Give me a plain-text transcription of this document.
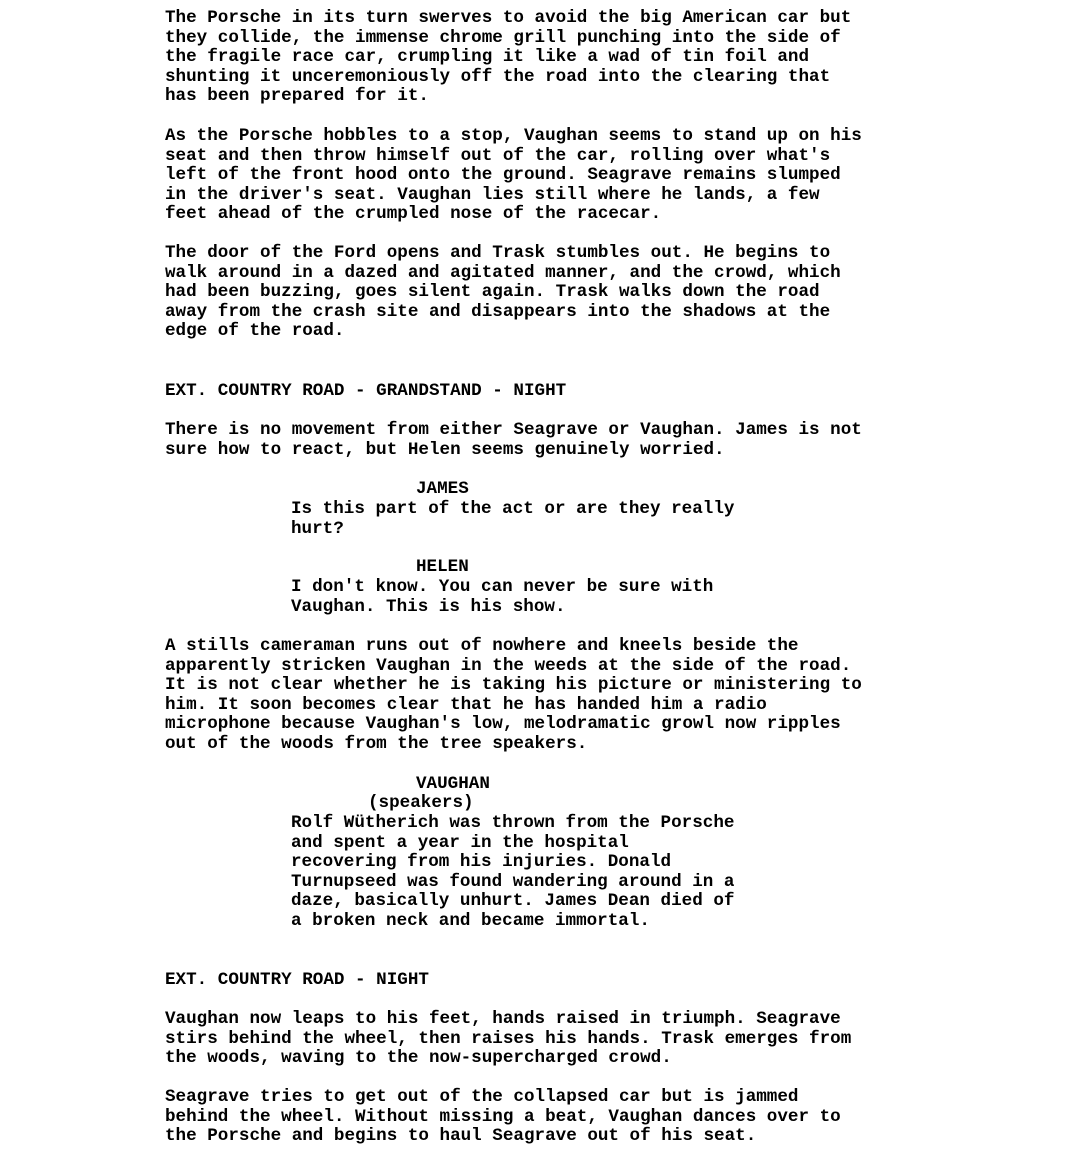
The Porsche in its turn swerves to avoid the big American car but
they collide, the immense chrome grill punching into the side of
the fragile race car, crumpling it like a wad of tin foil and
shunting it unceremoniously off the road into the clearing that
has been prepared for it.

As the Porsche hobbles to a stop, Vaughan seems to stand up on his
seat and then throw himself out of the car, rolling over what's
left of the front hood onto the ground. Seagrave remains slumped
in the driver's seat. Vaughan lies still where he lands, a few
feet ahead of the crumpled nose of the racecar.

The door of the Ford opens and Trask stumbles out. He begins to
walk around in a dazed and agitated manner, and the crowd, which
had been buzzing, goes silent again. Trask walks down the road
away from the crash site and disappears into the shadows at the
edge of the road.

EXT. COUNTRY ROAD - GRANDSTAND - NIGHT

There is no movement from either Seagrave or Vaughan. James is not
sure how to react, but Helen seems genuinely worried.

JAMES

Is this part of the act or are they really
hurt?

HELEN

I don't know. You can never be sure with
Vaughan. This is his show.

A stills cameraman runs out of nowhere and kneels beside the
apparently stricken Vaughan in the weeds at the side of the road.
It is not clear whether he is taking his picture or ministering to
him. It soon becomes clear that he has handed him a radio
microphone because Vaughan's low, melodramatic growl now ripples
out of the woods from the tree speakers.

VAUGHAN

(speakers)

Rolf Wütherich was thrown from the Porsche
and spent a year in the hospital
recovering from his injuries. Donald
Turnupseed was found wandering around in a
daze, basically unhurt. James Dean died of
a broken neck and became immortal.

EXT. COUNTRY ROAD - NIGHT

Vaughan now leaps to his feet, hands raised in triumph. Seagrave
stirs behind the wheel, then raises his hands. Trask emerges from
the woods, waving to the now-supercharged crowd.

Seagrave tries to get out of the collapsed car but is jammed
behind the wheel. Without missing a beat, Vaughan dances over to
the Porsche and begins to haul Seagrave out of his seat.
